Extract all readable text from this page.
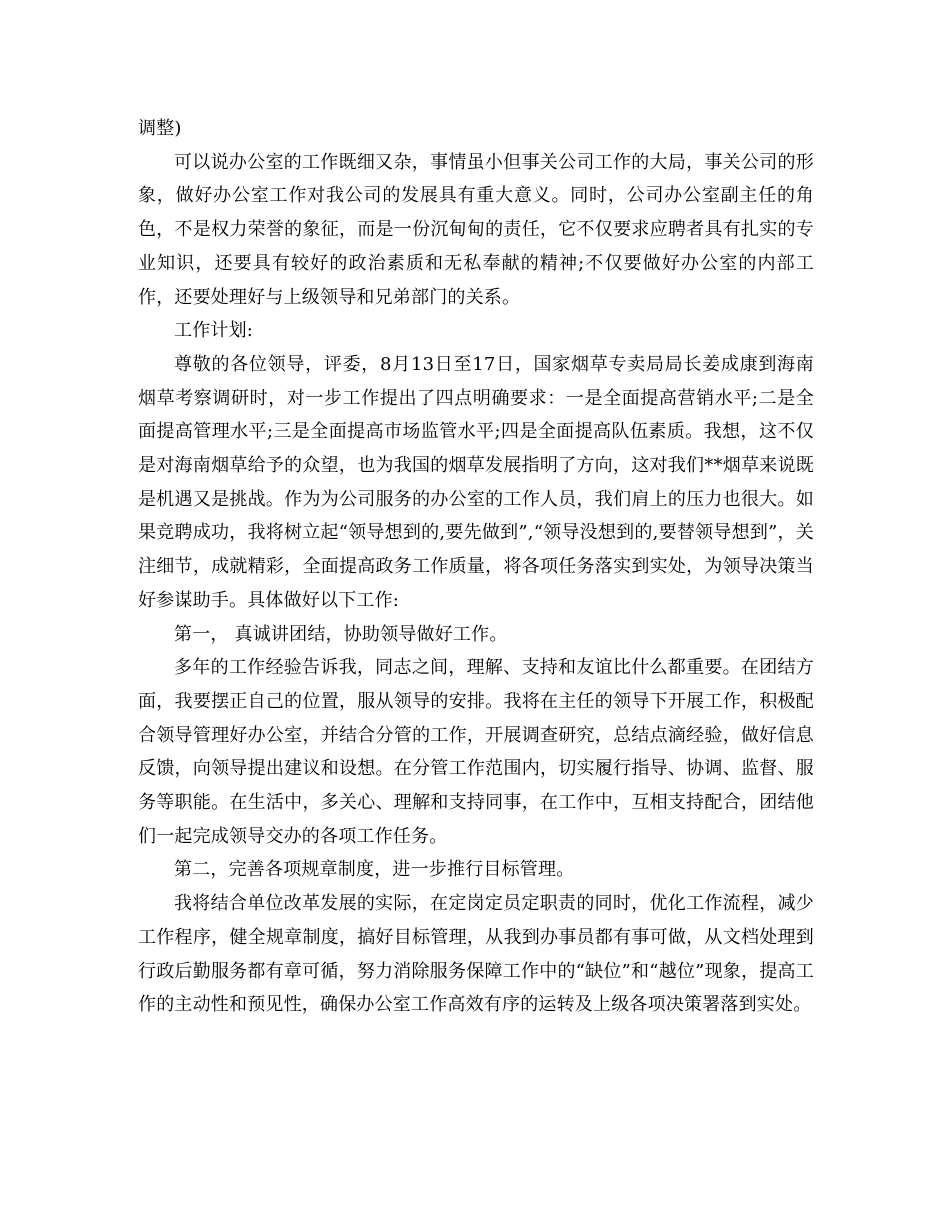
调整)

可以说办公室的工作既细又杂，事情虽小但事关公司工作的大局，事关公司的形象，做好办公室工作对我公司的发展具有重大意义。同时，公司办公室副主任的角色，不是权力荣誉的象征，而是一份沉甸甸的责任，它不仅要求应聘者具有扎实的专业知识，还要具有较好的政治素质和无私奉献的精神;不仅要做好办公室的内部工作，还要处理好与上级领导和兄弟部门的关系。

工作计划:

尊敬的各位领导，评委，8月13日至17日，国家烟草专卖局局长姜成康到海南烟草考察调研时，对一步工作提出了四点明确要求：一是全面提高营销水平;二是全面提高管理水平;三是全面提高市场监管水平;四是全面提高队伍素质。我想，这不仅是对海南烟草给予的众望，也为我国的烟草发展指明了方向，这对我们**烟草来说既是机遇又是挑战。作为为公司服务的办公室的工作人员，我们肩上的压力也很大。如果竞聘成功，我将树立起“领导想到的,要先做到”,“领导没想到的,要替领导想到”，关注细节，成就精彩，全面提高政务工作质量，将各项任务落实到实处，为领导决策当好参谋助手。具体做好以下工作:

第一， 真诚讲团结，协助领导做好工作。

多年的工作经验告诉我，同志之间，理解、支持和友谊比什么都重要。在团结方面，我要摆正自己的位置，服从领导的安排。我将在主任的领导下开展工作，积极配合领导管理好办公室，并结合分管的工作，开展调查研究，总结点滴经验，做好信息反馈，向领导提出建议和设想。在分管工作范围内，切实履行指导、协调、监督、服务等职能。在生活中，多关心、理解和支持同事，在工作中，互相支持配合，团结他们一起完成领导交办的各项工作任务。

第二，完善各项规章制度，进一步推行目标管理。

我将结合单位改革发展的实际，在定岗定员定职责的同时，优化工作流程，减少工作程序，健全规章制度，搞好目标管理，从我到办事员都有事可做，从文档处理到行政后勤服务都有章可循，努力消除服务保障工作中的“缺位”和“越位”现象，提高工作的主动性和预见性，确保办公室工作高效有序的运转及上级各项决策署落到实处。
